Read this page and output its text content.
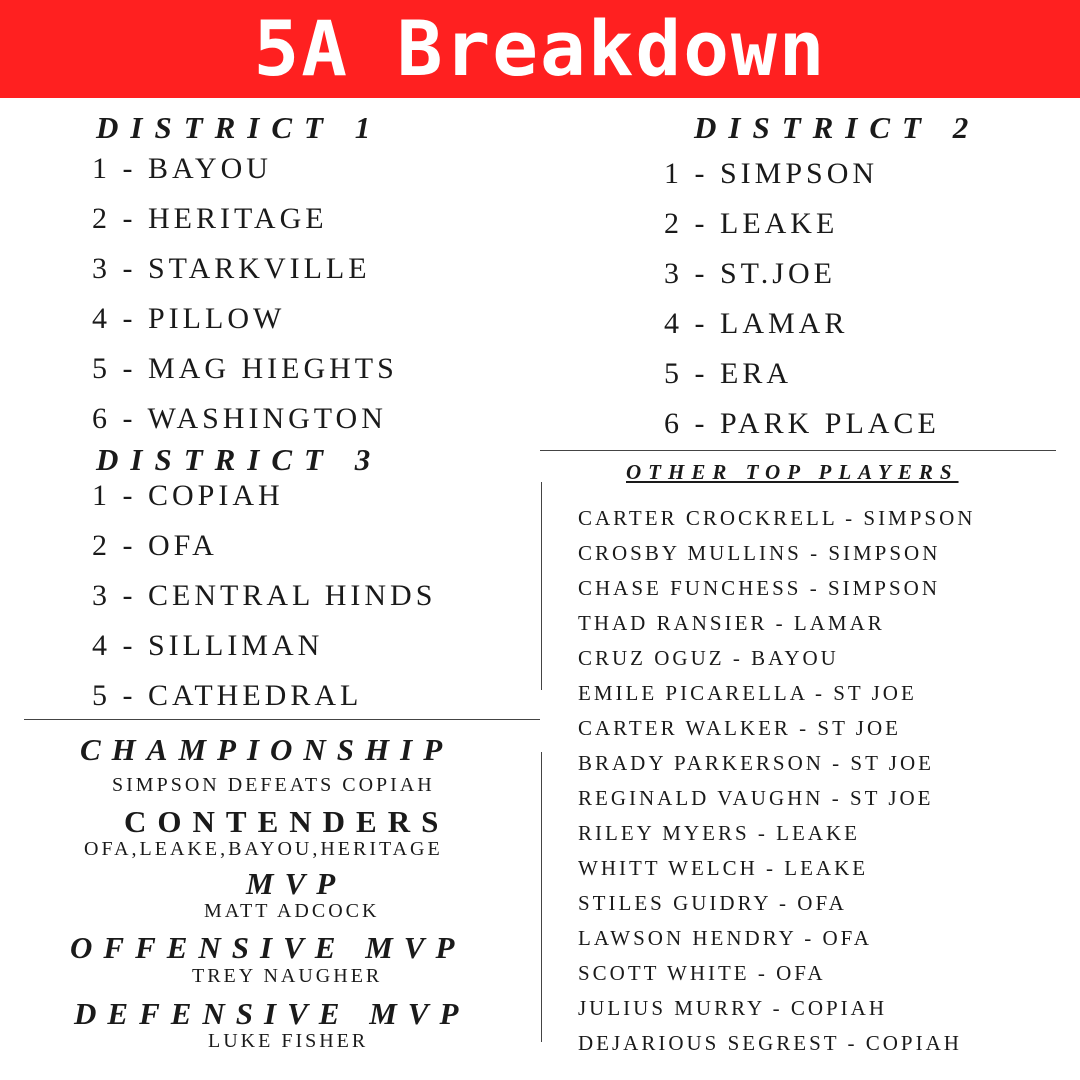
5A Breakdown
DISTRICT 1

1 - BAYOU

2 - HERITAGE

3 - STARKVILLE

4 - PILLOW

5 - MAG HIEGHTS

6 - WASHINGTON

DISTRICT 2

1 - SIMPSON

2 - LEAKE

3 - ST.JOE

4 - LAMAR

5 - ERA

6 - PARK PLACE

DISTRICT 3

1 - COPIAH

2 - OFA

3 - CENTRAL HINDS

4 - SILLIMAN

5 - CATHEDRAL

OTHER TOP PLAYERS

CARTER CROCKRELL - SIMPSON

CROSBY MULLINS - SIMPSON

CHASE FUNCHESS - SIMPSON

THAD RANSIER - LAMAR

CRUZ OGUZ - BAYOU

EMILE PICARELLA - ST JOE

CARTER WALKER - ST JOE

BRADY PARKERSON - ST JOE

REGINALD VAUGHN - ST JOE

RILEY MYERS - LEAKE

WHITT WELCH - LEAKE

STILES GUIDRY - OFA

LAWSON HENDRY - OFA

SCOTT WHITE - OFA

JULIUS MURRY - COPIAH

DEJARIOUS SEGREST - COPIAH

CHAMPIONSHIP

SIMPSON DEFEATS COPIAH

CONTENDERS

OFA,LEAKE,BAYOU,HERITAGE

MVP

MATT ADCOCK

OFFENSIVE MVP

TREY NAUGHER

DEFENSIVE MVP

LUKE FISHER
